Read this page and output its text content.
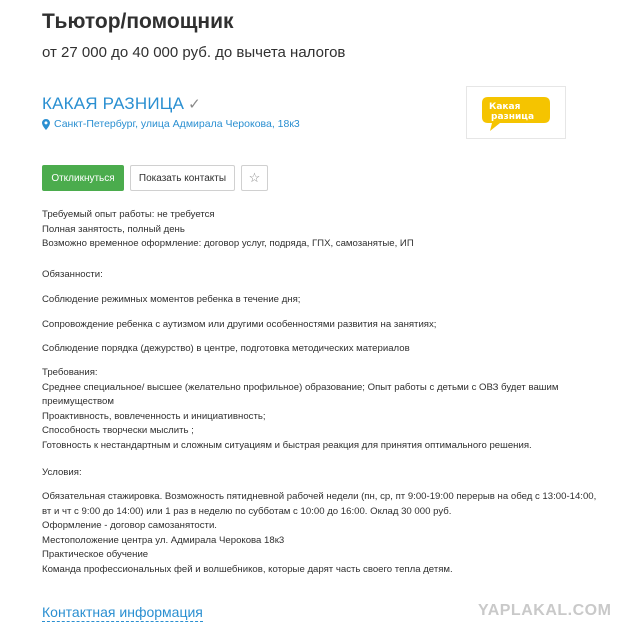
Тьютор/помощник
от 27 000 до 40 000 руб. до вычета налогов
КАКАЯ РАЗНИЦА ✓
Санкт-Петербург, улица Адмирала Черокова, 18к3
Какая
разница
Откликнуться	Показать контакты	☆
Требуемый опыт работы: не требуется
Полная занятость, полный день
Возможно временное оформление: договор услуг, подряда, ГПХ, самозанятые, ИП
Обязанности:
Соблюдение режимных моментов ребенка в течение дня;
Сопровождение ребенка с аутизмом или другими особенностями развития на занятиях;
Соблюдение порядка (дежурство) в центре, подготовка методических материалов
Требования:
Среднее специальное/ высшее (желательно профильное) образование; Опыт работы с детьми с ОВЗ будет вашим преимуществом
Проактивность, вовлеченность и инициативность;
Способность творчески мыслить ;
Готовность к нестандартным и сложным ситуациям и быстрая реакция для принятия оптимального решения.
Условия:
Обязательная стажировка. Возможность пятидневной рабочей недели (пн, ср, пт 9:00-19:00 перерыв на обед с 13:00-14:00, вт и чт с 9:00 до 14:00) или 1 раз в неделю по субботам с 10:00 до 16:00. Оклад 30 000 руб.
Оформление - договор самозанятости.
Местоположение центра ул. Адмирала Черокова 18к3
Практическое обучение
Команда профессиональных фей и волшебников, которые дарят часть своего тепла детям.
Контактная информация	YAPLAKAL.COM
